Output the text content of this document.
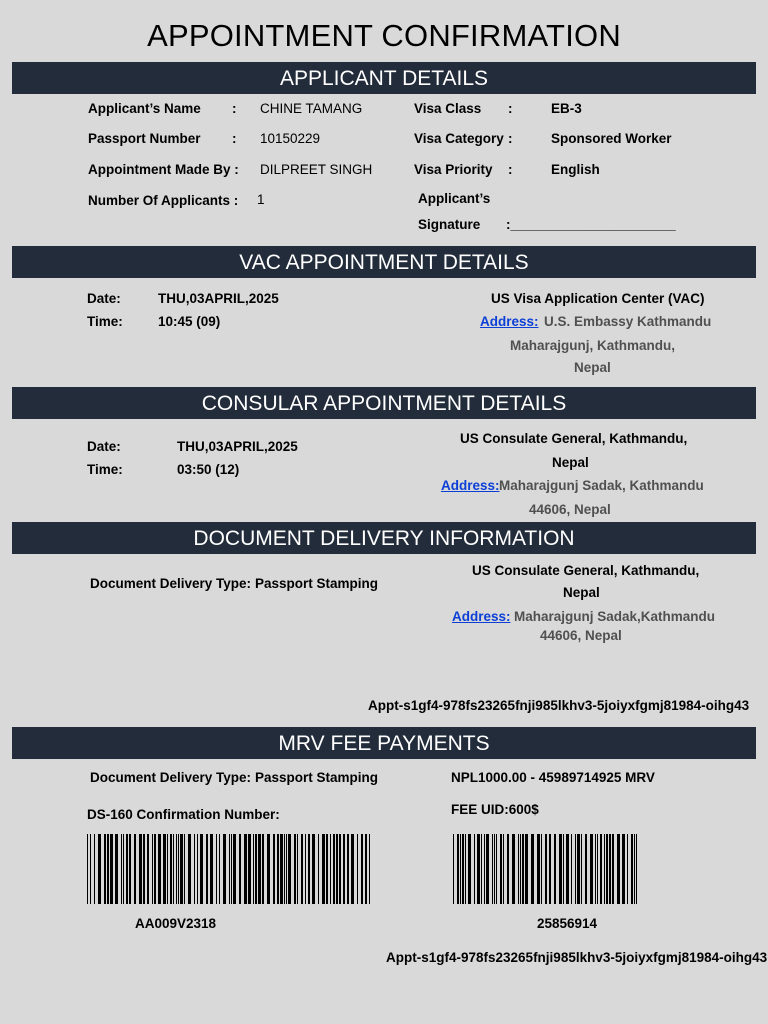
APPOINTMENT CONFIRMATION
APPLICANT DETAILS
Applicant’s Name : CHINE TAMANG
Passport Number : 10150229
Appointment Made By : DILPREET SINGH
Number Of Applicants : 1
Visa Class :	EB-3
Visa Category :	Sponsored Worker
Visa Priority :	English
Applicant’s
Signature :______________________
VAC APPOINTMENT DETAILS
Date:	THU,03APRIL,2025
Time:	10:45 (09)
US Visa Application Center (VAC)
Address: U.S. Embassy Kathmandu
Maharajgunj, Kathmandu,
Nepal
CONSULAR APPOINTMENT DETAILS
Date:	THU,03APRIL,2025
Time:	03:50 (12)
US Consulate General, Kathmandu,
Nepal
Address: Maharajgunj Sadak, Kathmandu
44606, Nepal
DOCUMENT DELIVERY INFORMATION
Document Delivery Type: Passport Stamping
US Consulate General, Kathmandu,
Nepal
Address: Maharajgunj Sadak,Kathmandu
44606, Nepal
Appt-s1gf4-978fs23265fnji985lkhv3-5joiyxfgmj81984-oihg43
MRV FEE PAYMENTS
Document Delivery Type: Passport Stamping	NPL1000.00 - 45989714925 MRV
FEE UID:600$
DS-160 Confirmation Number:
AA009V2318	25856914
Appt-s1gf4-978fs23265fnji985lkhv3-5joiyxfgmj81984-oihg43
